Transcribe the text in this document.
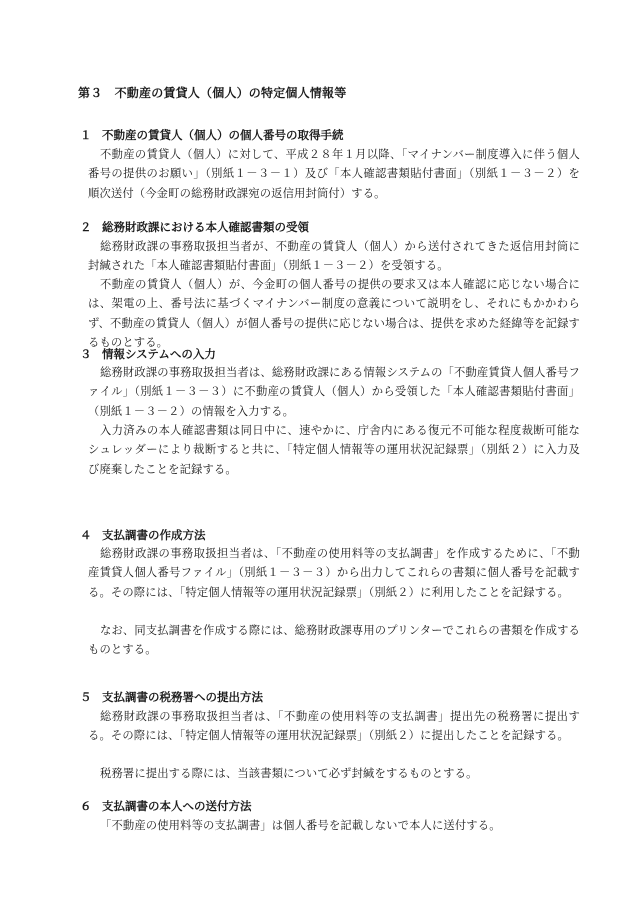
第３　不動産の賃貸人（個人）の特定個人情報等
１ 不動産の賃貸人（個人）の個人番号の取得手続
不動産の賃貸人（個人）に対して、平成２８年１月以降、「マイナンバー制度導入に伴う個人番号の提供のお願い」（別紙１－３－１）及び「本人確認書類貼付書面」（別紙１－３－２）を順次送付（今金町の総務財政課宛の返信用封筒付）する。
２ 総務財政課における本人確認書類の受領
総務財政課の事務取扱担当者が、不動産の賃貸人（個人）から送付されてきた返信用封筒に封緘された「本人確認書類貼付書面」（別紙１－３－２）を受領する。
不動産の賃貸人（個人）が、今金町の個人番号の提供の要求又は本人確認に応じない場合には、架電の上、番号法に基づくマイナンバー制度の意義について説明をし、それにもかかわらず、不動産の賃貸人（個人）が個人番号の提供に応じない場合は、提供を求めた経緯等を記録するものとする。
３ 情報システムへの入力
総務財政課の事務取扱担当者は、総務財政課にある情報システムの「不動産賃貸人個人番号ファイル」（別紙１－３－３）に不動産の賃貸人（個人）から受領した「本人確認書類貼付書面」（別紙１－３－２）の情報を入力する。
入力済みの本人確認書類は同日中に、速やかに、庁舎内にある復元不可能な程度裁断可能なシュレッダーにより裁断すると共に、「特定個人情報等の運用状況記録票」（別紙２）に入力及び廃棄したことを記録する。
４ 支払調書の作成方法
総務財政課の事務取扱担当者は、「不動産の使用料等の支払調書」を作成するために、「不動産賃貸人個人番号ファイル」（別紙１－３－３）から出力してこれらの書類に個人番号を記載する。その際には、「特定個人情報等の運用状況記録票」（別紙２）に利用したことを記録する。
なお、同支払調書を作成する際には、総務財政課専用のプリンターでこれらの書類を作成するものとする。
５ 支払調書の税務署への提出方法
総務財政課の事務取扱担当者は、「不動産の使用料等の支払調書」提出先の税務署に提出する。その際には、「特定個人情報等の運用状況記録票」（別紙２）に提出したことを記録する。
税務署に提出する際には、当該書類について必ず封緘をするものとする。
６ 支払調書の本人への送付方法
「不動産の使用料等の支払調書」は個人番号を記載しないで本人に送付する。
